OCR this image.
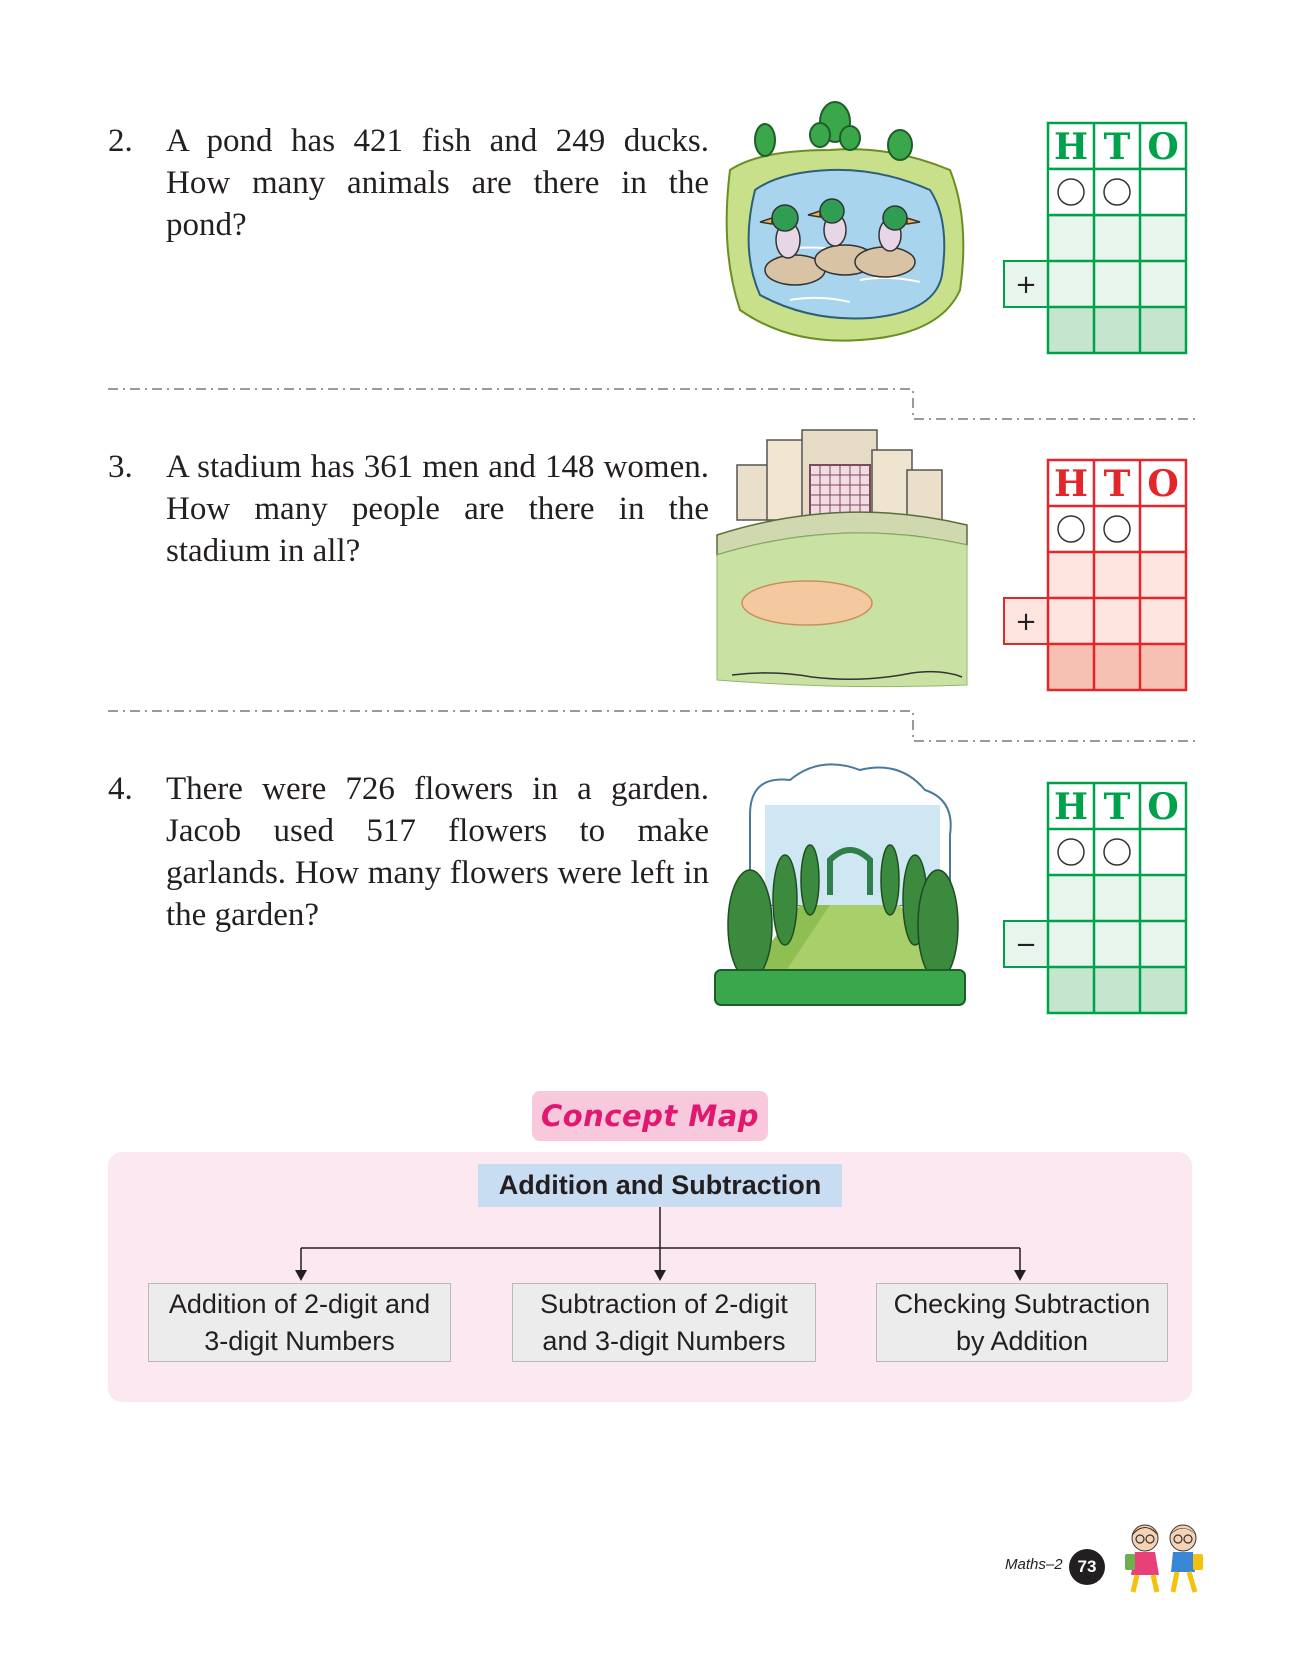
2. A pond has 421 fish and 249 ducks. How many animals are there in the pond?
H T O
+
3. A stadium has 361 men and 148 women. How many people are there in the stadium in all?
H T O
+
4. There were 726 flowers in a garden. Jacob used 517 flowers to make garlands. How many flowers were left in the garden?
H T O
−
Concept Map
Addition and Subtraction
Addition of 2-digit and
3-digit Numbers
Subtraction of 2-digit
and 3-digit Numbers
Checking Subtraction
by Addition
Maths–2 73
